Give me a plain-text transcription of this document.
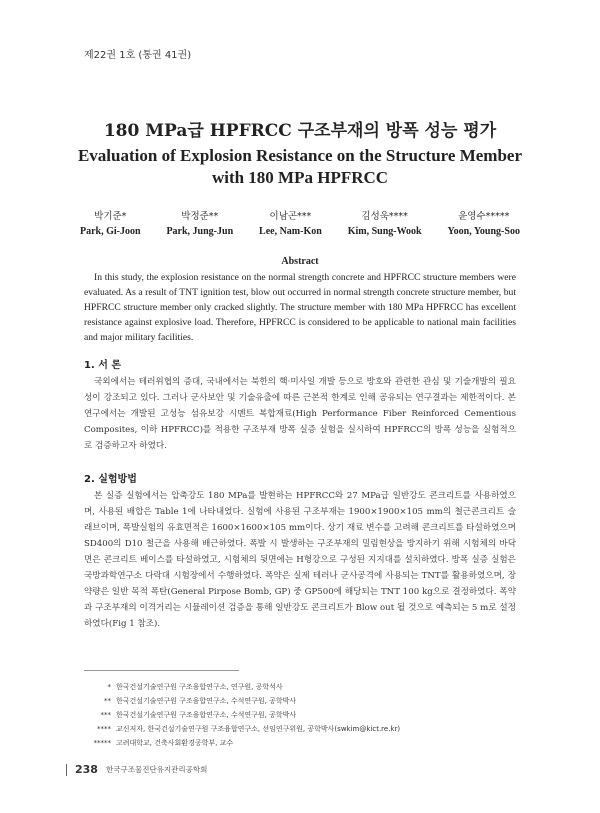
제22권 1호 (통권 41권)
180 MPa급 HPFRCC 구조부재의 방폭 성능 평가
Evaluation of Explosion Resistance on the Structure Member with 180 MPa HPFRCC
박기준*
Park, Gi-Joon
박정준**
Park, Jung-Jun
이남곤***
Lee, Nam-Kon
김성욱****
Kim, Sung-Wook
윤영수*****
Yoon, Young-Soo
Abstract

In this study, the explosion resistance on the normal strength concrete and HPFRCC structure members were evaluated. As a result of TNT ignition test, blow out occurred in normal strength concrete structure member, but HPFRCC structure member only cracked slightly. The structure member with 180 MPa HPFRCC has excellent resistance against explosive load. Therefore, HPFRCC is considered to be applicable to national main facilities and major military facilities.

1. 서 론

국외에서는 테러위협의 증대, 국내에서는 북한의 핵·미사일 개발 등으로 방호와 관련한 관심 및 기술개발의 필요성이 강조되고 있다. 그러나 군사보안 및 기술유출에 따른 근본적 한계로 인해 공유되는 연구결과는 제한적이다. 본 연구에서는 개발된 고성능 섬유보강 시멘트 복합재료(High Performance Fiber Reinforced Cementious Composites, 이하 HPFRCC)를 적용한 구조부재 방폭 실증 실험을 실시하여 HPFRCC의 방폭 성능을 실험적으로 검증하고자 하였다.

2. 실험방법

본 실증 실험에서는 압축강도 180 MPa를 발현하는 HPFRCC와 27 MPa급 일반강도 콘크리트를 사용하였으며, 사용된 배합은 Table 1에 나타내었다. 실험에 사용된 구조부재는 1900×1900×105 mm의 철근콘크리트 슬래브이며, 폭발실험의 유효면적은 1600×1600×105 mm이다. 상기 재료 변수를 고려해 콘크리트를 타설하였으며 SD400의 D10 철근을 사용해 배근하였다. 폭발 시 발생하는 구조부재의 밀림현상을 방지하기 위해 시험체의 바닥면은 콘크리트 베이스를 타설하였고, 시험체의 뒷면에는 H형강으로 구성된 지지대를 설치하였다. 방폭 실증 실험은 국방과학연구소 다락대 시험장에서 수행하였다. 폭약은 실제 테러나 군사공격에 사용되는 TNT를 활용하였으며, 장약량은 일반 목적 폭탄(General Pirpose Bomb, GP) 중 GP500에 해당되는 TNT 100 kg으로 결정하였다. 폭약과 구조부재의 이격거리는 시뮬레이션 검증을 통해 일반강도 콘크리트가 Blow out 될 것으로 예측되는 5 m로 설정하였다(Fig 1 참조).

* 한국건설기술연구원 구조융합연구소, 연구원, 공학석사
** 한국건설기술연구원 구조융합연구소, 수석연구원, 공학박사
*** 한국건설기술연구원 구조융합연구소, 수석연구원, 공학박사
**** 교신저자, 한국건설기술연구원 구조융합연구소, 선임연구위원, 공학박사(swkim@kict.re.kr)
***** 고려대학교, 건축사회환경공학부, 교수
238 한국구조물진단유지관리공학회
